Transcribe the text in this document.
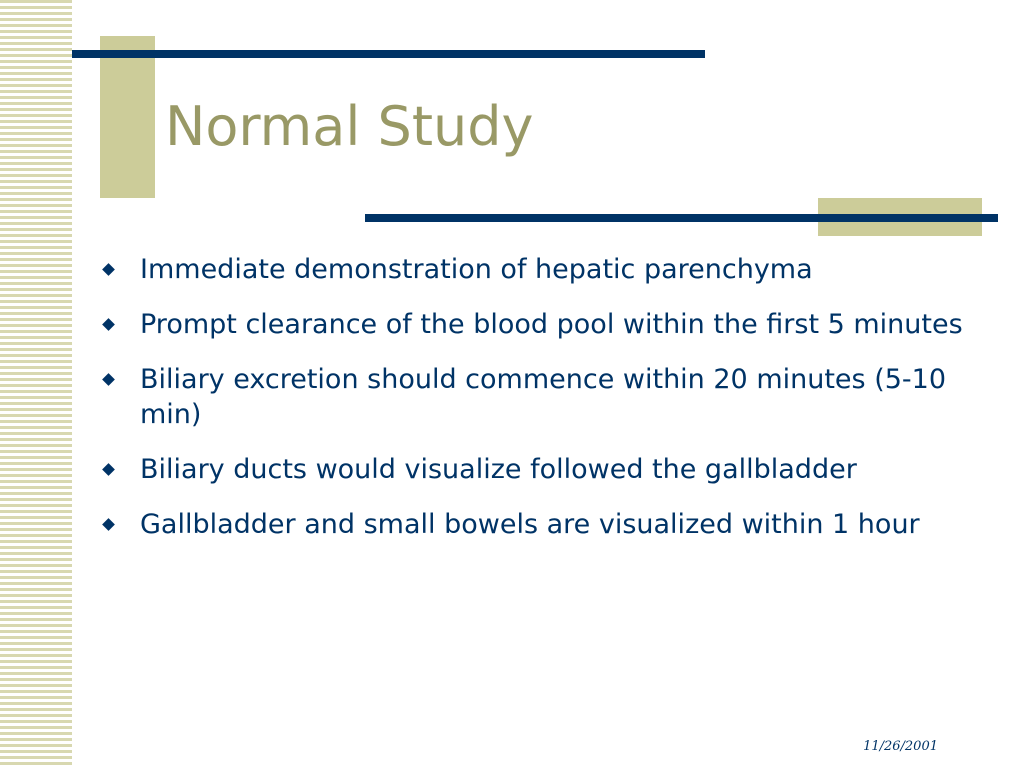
Normal Study
Immediate demonstration of hepatic parenchyma
Prompt clearance of the blood pool within the first 5 minutes
Biliary excretion should commence within 20 minutes (5-10 min)
Biliary ducts would visualize followed the gallbladder
Gallbladder and small bowels are visualized within 1 hour
11/26/2001
